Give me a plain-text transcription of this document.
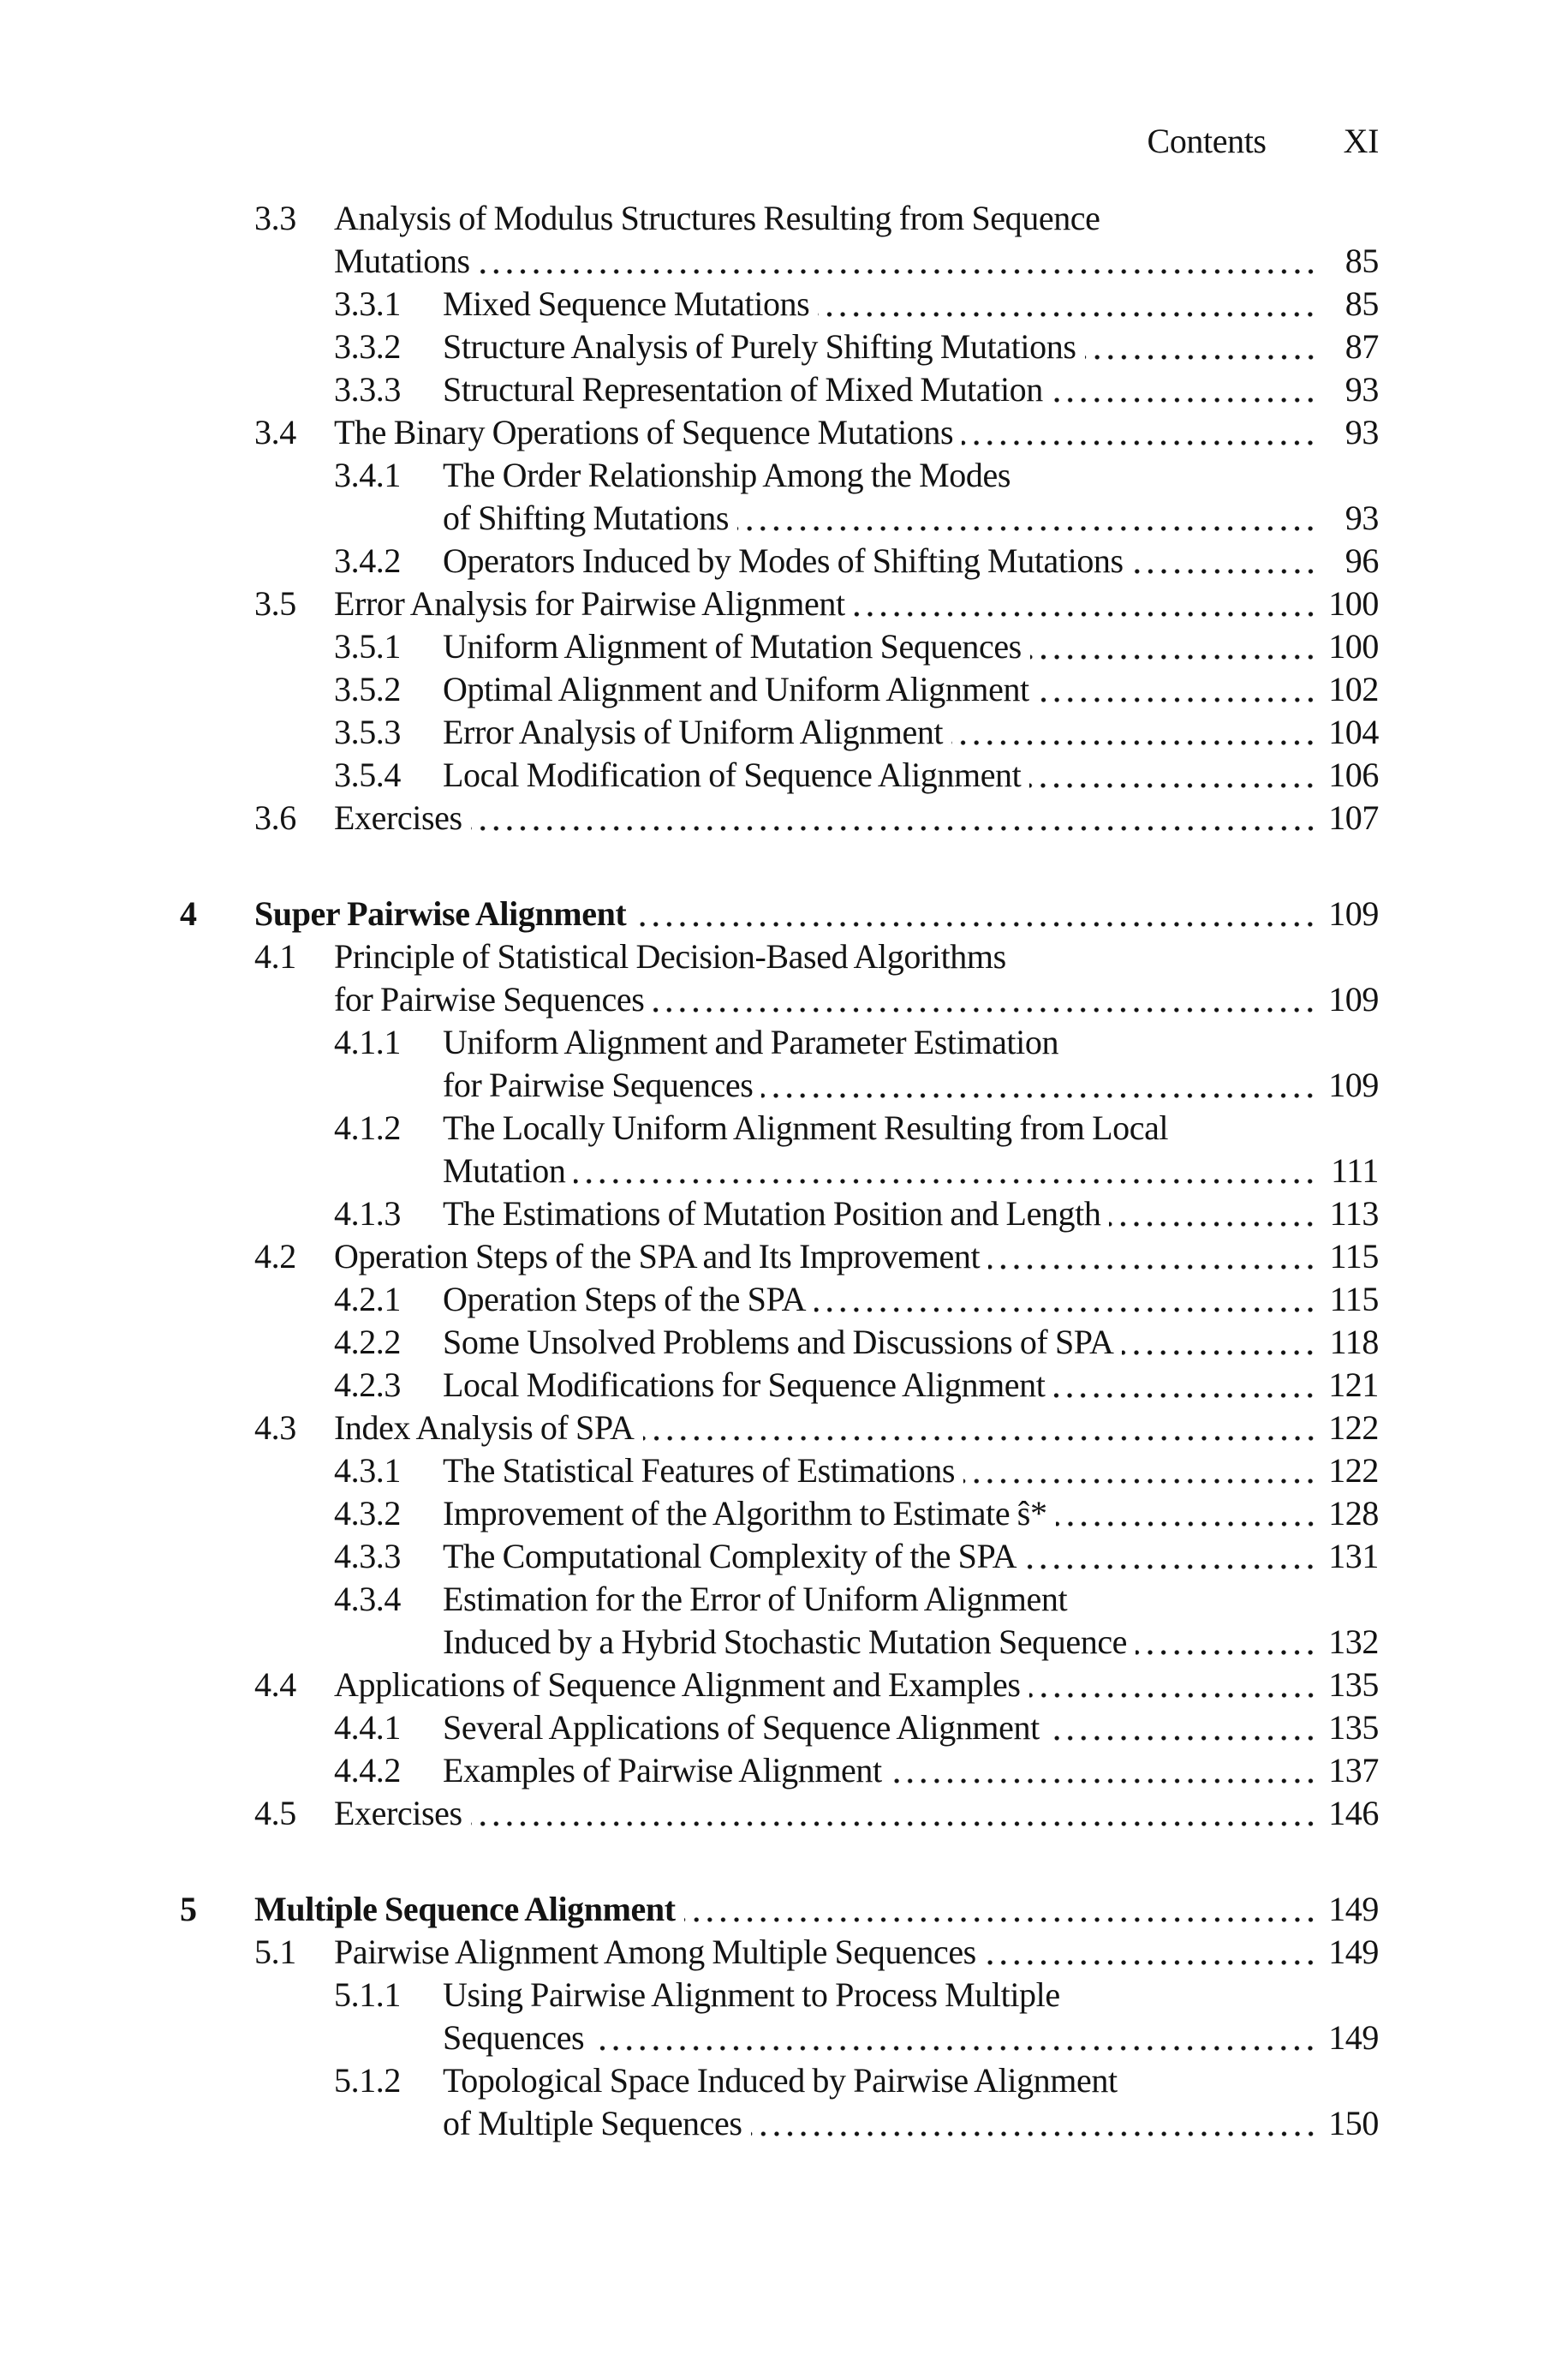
Contents XI
3.3	Analysis of Modulus Structures Resulting from Sequence
Mutations	85
3.3.1	Mixed Sequence Mutations	85
3.3.2	Structure Analysis of Purely Shifting Mutations	87
3.3.3	Structural Representation of Mixed Mutation	93
3.4	The Binary Operations of Sequence Mutations	93
3.4.1	The Order Relationship Among the Modes
of Shifting Mutations	93
3.4.2	Operators Induced by Modes of Shifting Mutations	96
3.5	Error Analysis for Pairwise Alignment	100
3.5.1	Uniform Alignment of Mutation Sequences	100
3.5.2	Optimal Alignment and Uniform Alignment	102
3.5.3	Error Analysis of Uniform Alignment	104
3.5.4	Local Modification of Sequence Alignment	106
3.6	Exercises	107
4	Super Pairwise Alignment	109
4.1	Principle of Statistical Decision-Based Algorithms
for Pairwise Sequences	109
4.1.1	Uniform Alignment and Parameter Estimation
for Pairwise Sequences	109
4.1.2	The Locally Uniform Alignment Resulting from Local
Mutation	111
4.1.3	The Estimations of Mutation Position and Length	113
4.2	Operation Steps of the SPA and Its Improvement	115
4.2.1	Operation Steps of the SPA	115
4.2.2	Some Unsolved Problems and Discussions of SPA	118
4.2.3	Local Modifications for Sequence Alignment	121
4.3	Index Analysis of SPA	122
4.3.1	The Statistical Features of Estimations	122
4.3.2	Improvement of the Algorithm to Estimate ŝ*	128
4.3.3	The Computational Complexity of the SPA	131
4.3.4	Estimation for the Error of Uniform Alignment
Induced by a Hybrid Stochastic Mutation Sequence	132
4.4	Applications of Sequence Alignment and Examples	135
4.4.1	Several Applications of Sequence Alignment	135
4.4.2	Examples of Pairwise Alignment	137
4.5	Exercises	146
5	Multiple Sequence Alignment	149
5.1	Pairwise Alignment Among Multiple Sequences	149
5.1.1	Using Pairwise Alignment to Process Multiple
Sequences	149
5.1.2	Topological Space Induced by Pairwise Alignment
of Multiple Sequences	150
